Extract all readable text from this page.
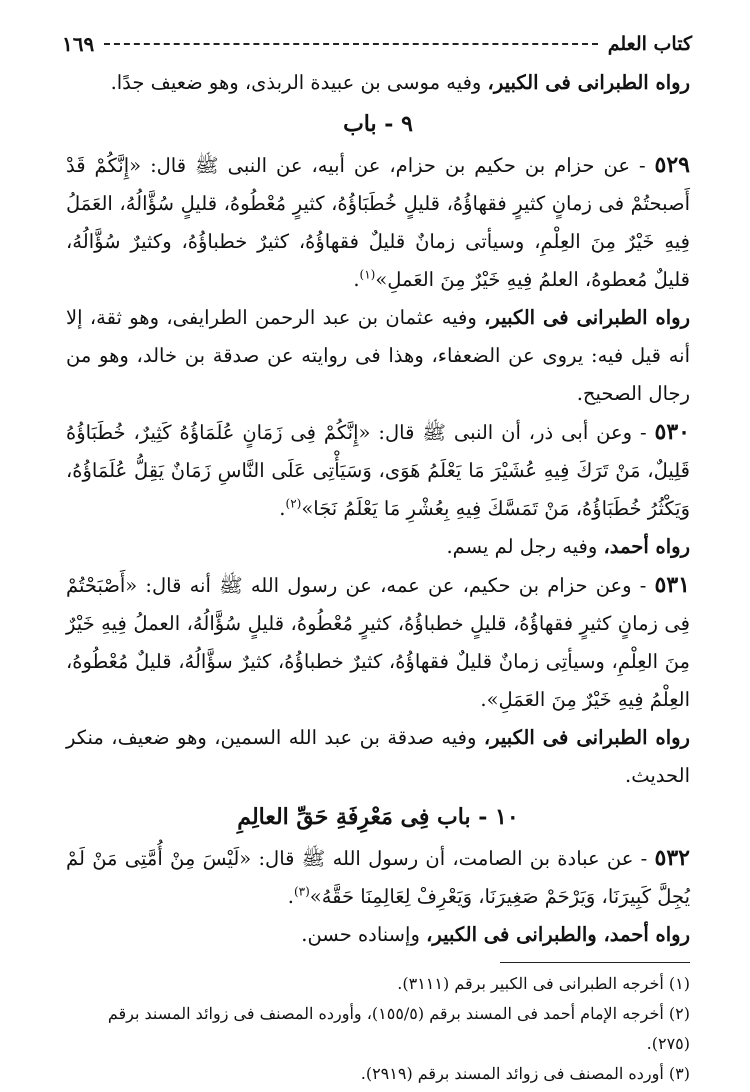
كتاب العلم
١٦٩

رواه الطبرانى فى الكبير، وفيه موسى بن عبيدة الربذى، وهو ضعيف جدًا.

٩ - باب

٥٢٩ - عن حزام بن حكيم بن حزام، عن أبيه، عن النبى ﷺ قال: «إِنَّكُمْ قَدْ أَصبحتُمْ فى زمانٍ كثيرٍ فقهاؤُهُ، قليلٍ خُطَبَاؤُهُ، كثيرٍ مُعْطُوهُ، قليلٍ سُؤَّالُهُ، العَمَلُ فِيهِ خَيْرٌ مِنَ العِلْمِ، وسيأتى زمانٌ قليلٌ فقهاؤُهُ، كثيرٌ خطباؤُهُ، وكثيرٌ سُؤَّالُهُ، قليلٌ مُعطوهُ، العلمُ فِيهِ خَيْرٌ مِنَ العَملِ»$^{(١)}$.

رواه الطبرانى فى الكبير، وفيه عثمان بن عبد الرحمن الطرايفى، وهو ثقة، إلا أنه قيل فيه: يروى عن الضعفاء، وهذا فى روايته عن صدقة بن خالد، وهو من رجال الصحيح.

٥٣٠ - وعن أبى ذر، أن النبى ﷺ قال: «إِنَّكُمْ فِى زَمَانٍ عُلَمَاؤُهُ كَثِيرٌ، خُطَبَاؤُهُ قَلِيلٌ، مَنْ تَرَكَ فِيهِ عُشَيْرَ مَا يَعْلَمُ هَوَى، وَسَيَأْتِى عَلَى النَّاسِ زَمَانٌ يَقِلُّ عُلَمَاؤُهُ، وَيَكْثُرُ خُطَبَاؤُهُ، مَنْ تَمَسَّكَ فِيهِ بِعُشْرِ مَا يَعْلَمُ نَجَا»$^{(٢)}$.

رواه أحمد، وفيه رجل لم يسم.

٥٣١ - وعن حزام بن حكيم، عن عمه، عن رسول الله ﷺ أنه قال: «أَصْبَحْتُمْ فِى زمانٍ كثيرٍ فقهاؤُهُ، قليلٍ خطباؤُهُ، كثيرٍ مُعْطُوهُ، قليلٍ سُؤَّالُهُ، العملُ فِيهِ خَيْرٌ مِنَ العِلْمِ، وسيأتِى زمانٌ قليلٌ فقهاؤُهُ، كثيرٌ خطباؤُهُ، كثيرٌ سؤَّالُهُ، قليلٌ مُعْطُوهُ، العِلْمُ فِيهِ خَيْرٌ مِنَ العَمَلِ».

رواه الطبرانى فى الكبير، وفيه صدقة بن عبد الله السمين، وهو ضعيف، منكر الحديث.

١٠ - باب فِى مَعْرِفَةِ حَقِّ العالِمِ

٥٣٢ - عن عبادة بن الصامت، أن رسول الله ﷺ قال: «لَيْسَ مِنْ أُمَّتِى مَنْ لَمْ يُجِلَّ كَبِيرَنَا، وَيَرْحَمْ صَغِيرَنَا، وَيَعْرِفْ لِعَالِمِنَا حَقَّهُ»$^{(٣)}$.

رواه أحمد، والطبرانى فى الكبير، وإسناده حسن.

(١) أخرجه الطبرانى فى الكبير برقم (٣١١١).

(٢) أخرجه الإمام أحمد فى المسند برقم (١٥٥/٥)، وأورده المصنف فى زوائد المسند برقم (٢٧٥).

(٣) أورده المصنف فى زوائد المسند برقم (٢٩١٩).
